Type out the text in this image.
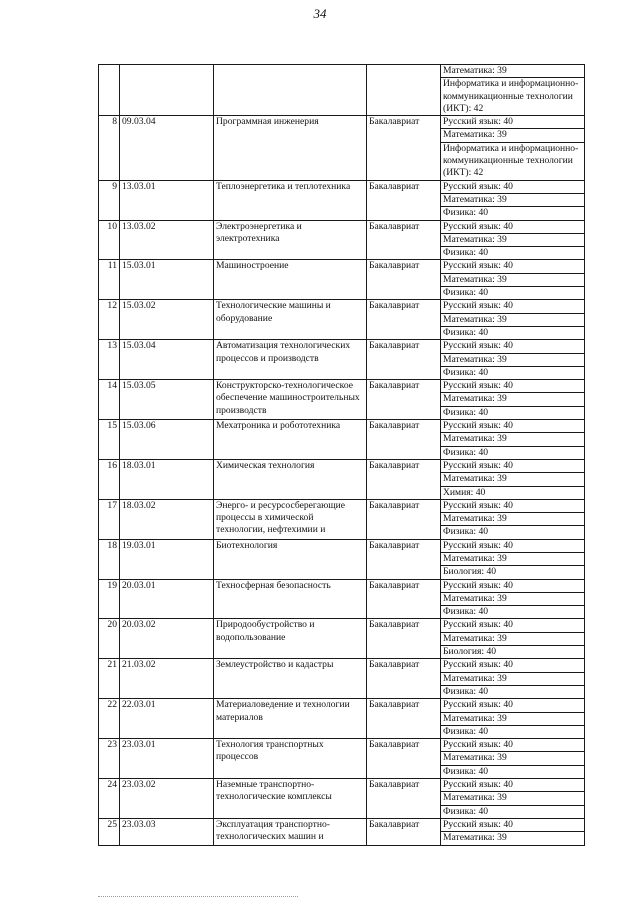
34
				Математика: 39
				Информатика и информационно-коммуникационные технологии (ИКТ): 42
8	09.03.04	Программная инженерия	Бакалавриат	Русский язык: 40
				Математика: 39
				Информатика и информационно-коммуникационные технологии (ИКТ): 42
9	13.03.01	Теплоэнергетика и теплотехника	Бакалавриат	Русский язык: 40
				Математика: 39
				Физика: 40
10	13.03.02	Электроэнергетика и электротехника	Бакалавриат	Русский язык: 40
				Математика: 39
				Физика: 40
11	15.03.01	Машиностроение	Бакалавриат	Русский язык: 40
				Математика: 39
				Физика: 40
12	15.03.02	Технологические машины и оборудование	Бакалавриат	Русский язык: 40
				Математика: 39
				Физика: 40
13	15.03.04	Автоматизация технологических процессов и производств	Бакалавриат	Русский язык: 40
				Математика: 39
				Физика: 40
14	15.03.05	Конструкторско-технологическое обеспечение машиностроительных производств	Бакалавриат	Русский язык: 40
				Математика: 39
				Физика: 40
15	15.03.06	Мехатроника и робототехника	Бакалавриат	Русский язык: 40
				Математика: 39
				Физика: 40
16	18.03.01	Химическая технология	Бакалавриат	Русский язык: 40
				Математика: 39
				Химия: 40
17	18.03.02	Энерго- и ресурсосберегающие процессы в химической технологии, нефтехимии и	Бакалавриат	Русский язык: 40
				Математика: 39
				Физика: 40
18	19.03.01	Биотехнология	Бакалавриат	Русский язык: 40
				Математика: 39
				Биология: 40
19	20.03.01	Техносферная безопасность	Бакалавриат	Русский язык: 40
				Математика: 39
				Физика: 40
20	20.03.02	Природообустройство и водопользование	Бакалавриат	Русский язык: 40
				Математика: 39
				Биология: 40
21	21.03.02	Землеустройство и кадастры	Бакалавриат	Русский язык: 40
				Математика: 39
				Физика: 40
22	22.03.01	Материаловедение и технологии материалов	Бакалавриат	Русский язык: 40
				Математика: 39
				Физика: 40
23	23.03.01	Технология транспортных процессов	Бакалавриат	Русский язык: 40
				Математика: 39
				Физика: 40
24	23.03.02	Наземные транспортно-технологические комплексы	Бакалавриат	Русский язык: 40
				Математика: 39
				Физика: 40
25	23.03.03	Эксплуатация транспортно-технологических машин и	Бакалавриат	Русский язык: 40
				Математика: 39
